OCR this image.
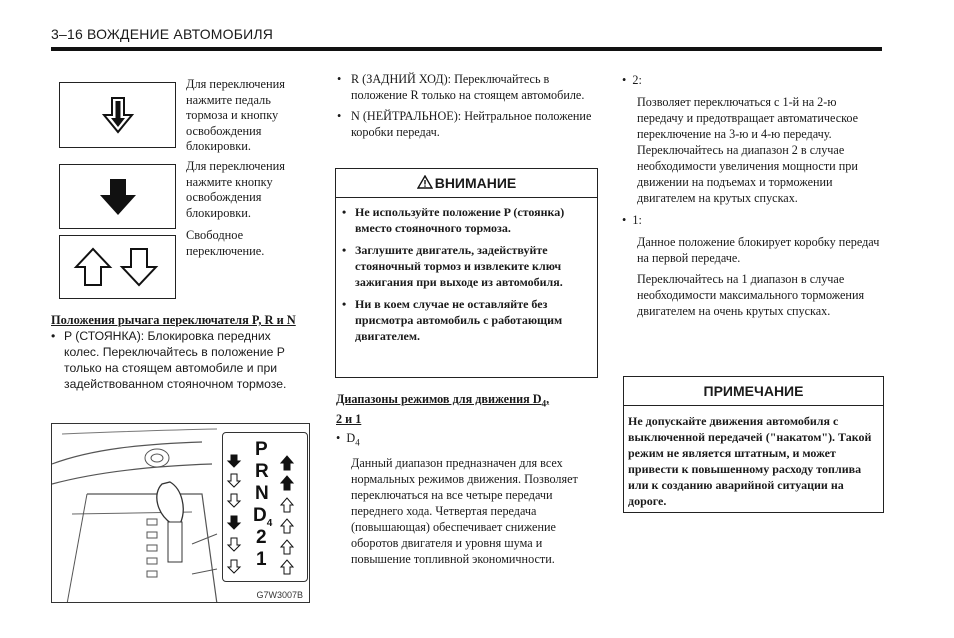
3–16 ВОЖДЕНИЕ АВТОМОБИЛЯ
Для переключения нажмите педаль тормоза и кнопку освобождения блокировки.
Для переключения нажмите кнопку освобождения блокировки.
Свободное переключение.

Положения рычага переключателя P, R и N

• P (СТОЯНКА): Блокировка передних колес. Переключайтесь в положение P только на стоящем автомобиле и при задействованном стояночном тормозе.
P
R
N
$D_4$
2
1
G7W3007B
• R (ЗАДНИЙ ХОД): Переключайтесь в положение R только на стоящем автомобиле.
• N (НЕЙТРАЛЬНОЕ): Нейтральное положение коробки передач.
ВНИМАНИЕ
• Не используйте положение P (стоянка) вместо стояночного тормоза.
• Заглушите двигатель, задействуйте стояночный тормоз и извлеките ключ зажигания при выходе из автомобиля.
• Ни в коем случае не оставляйте без присмотра автомобиль с работающим двигателем.

Диапазоны режимов для движения $D_4$,
2 и 1

•  $D_4$

Данный диапазон предназначен для всех нормальных режимов движения. Позволяет переключаться на все четыре передачи переднего хода. Четвертая передача (повышающая) обеспечивает снижение оборотов двигателя и уровня шума и повышение топливной экономичности.

•  2:

Позволяет переключаться с 1-й на 2-ю передачу и предотвращает автоматическое переключение на 3-ю и 4-ю передачу. Переключайтесь на диапазон 2 в случае необходимости увеличения мощности при движении на подъемах и торможении двигателем на крутых спусках.

•  1:

Данное положение блокирует коробку передач на первой передаче.

Переключайтесь на 1 диапазон в случае необходимости максимального торможения двигателем на очень крутых спусках.

ПРИМЕЧАНИЕ
Не допускайте движения автомобиля с выключенной передачей ("накатом"). Такой режим не является штатным, и может привести к повышенному расходу топлива или к созданию аварийной ситуации на дороге.
